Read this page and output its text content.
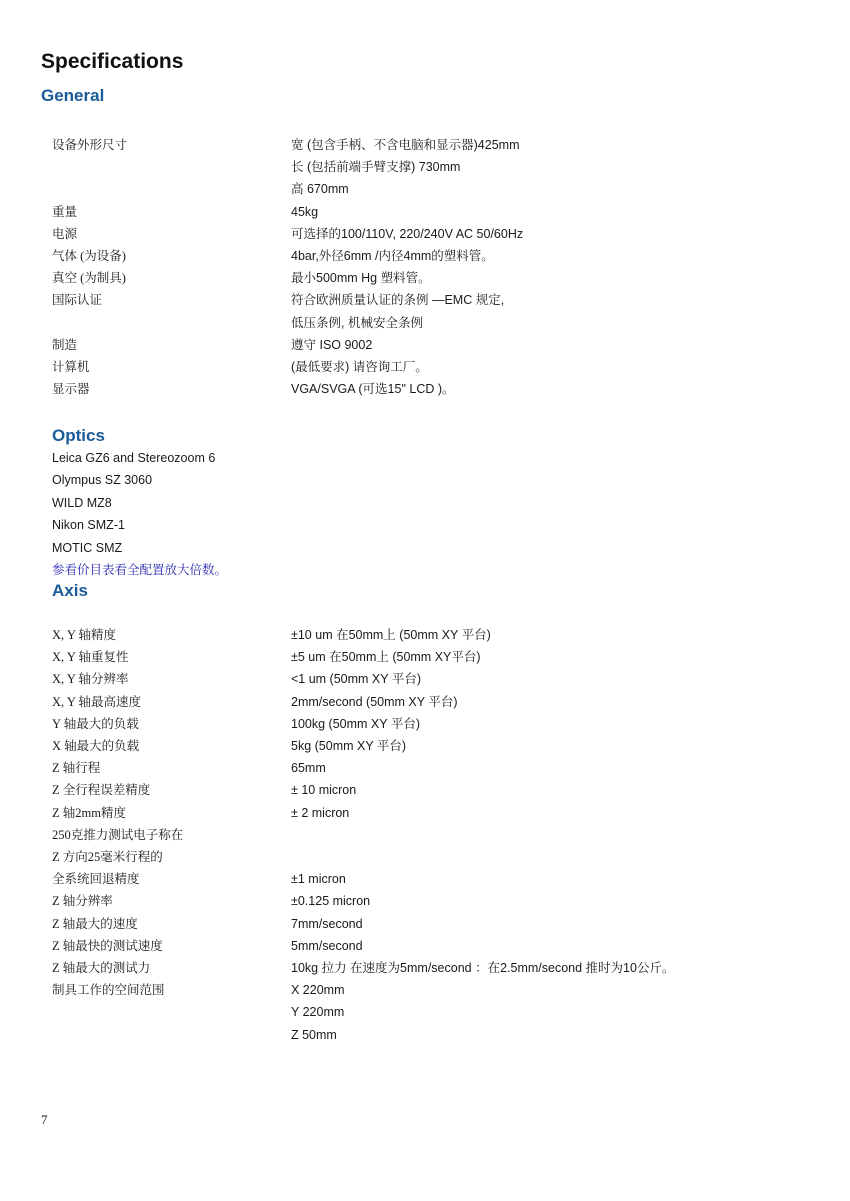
Specifications
General
设备外形尺寸	宽 (包含手柄、不含电脑和显示器)425mm
长 (包括前端手臂支撑) 730mm
高 670mm
重量	45kg
电源	可选择的100/110V, 220/240V AC 50/60Hz
气体 (为设备)	4bar,外径6mm /内径4mm的塑料管。
真空 (为制具)	最小500mm Hg 塑料管。
国际认证	符合欧洲质量认证的条例 —EMC 规定,
低压条例, 机械安全条例
制造	遵守 ISO 9002
计算机	(最低要求) 请咨询工厂。
显示器	VGA/SVGA (可选15" LCD )。
Optics
Leica GZ6 and Stereozoom 6
Olympus SZ 3060
WILD MZ8
Nikon SMZ-1
MOTIC SMZ
参看价目表看全配置放大倍数。
Axis
X, Y 轴精度	±10 um 在50mm上 (50mm XY 平台)
X, Y 轴重复性	±5 um 在50mm上 (50mm XY平台)
X, Y 轴分辨率	<1 um (50mm XY 平台)
X, Y 轴最高速度	2mm/second (50mm XY 平台)
Y 轴最大的负载	100kg (50mm XY 平台)
X 轴最大的负载	5kg (50mm XY 平台)
Z 轴行程	65mm
Z 全行程误差精度	± 10 micron
Z 轴2mm精度	± 2 micron
250克推力测试电子称在
Z 方向25毫米行程的
全系统回退精度	±1 micron
Z 轴分辨率	±0.125 micron
Z 轴最大的速度	7mm/second
Z 轴最快的测试速度	5mm/second
Z 轴最大的测试力	10kg 拉力 在速度为5mm/second ：在2.5mm/second 推时为10公斤。
制具工作的空间范围	X 220mm
Y 220mm
Z 50mm
7
